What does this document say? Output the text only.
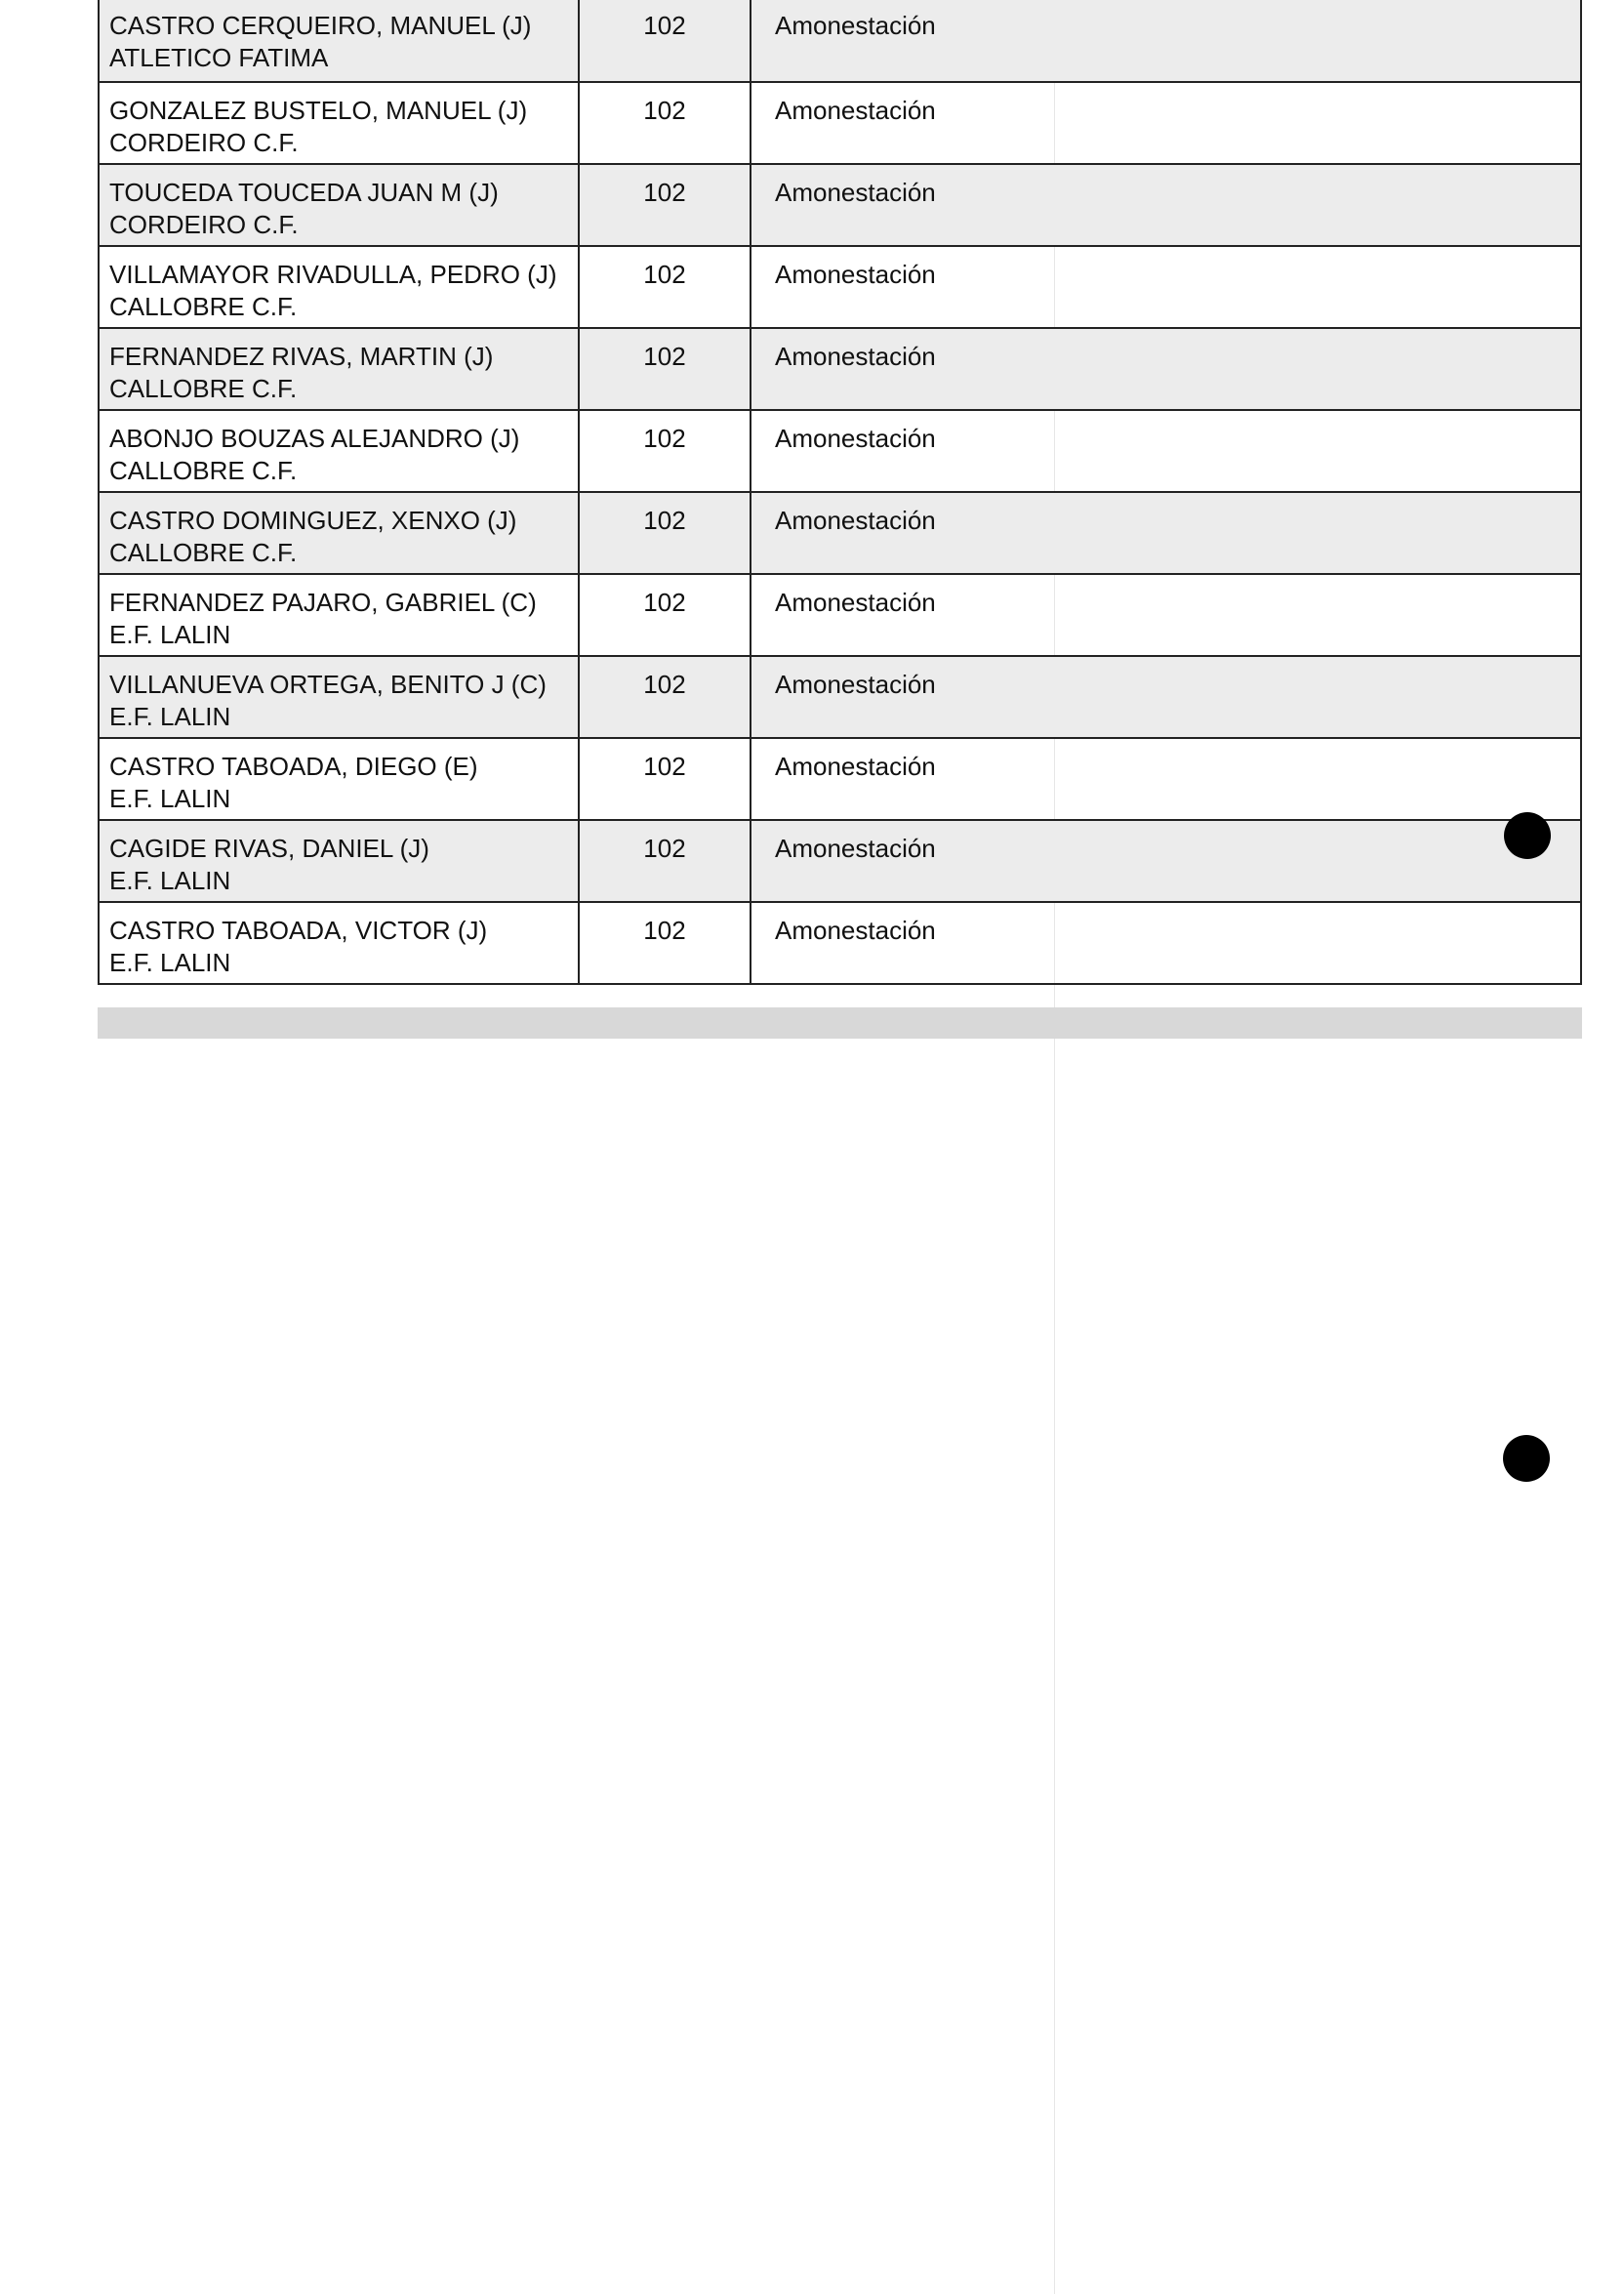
CASTRO CERQUEIRO, MANUEL (J)
ATLETICO FATIMA	102	Amonestación

GONZALEZ BUSTELO, MANUEL (J)
CORDEIRO C.F.	102	Amonestación

TOUCEDA TOUCEDA JUAN M (J)
CORDEIRO C.F.	102	Amonestación

VILLAMAYOR RIVADULLA, PEDRO (J)
CALLOBRE C.F.	102	Amonestación

FERNANDEZ RIVAS, MARTIN (J)
CALLOBRE C.F.	102	Amonestación

ABONJO BOUZAS ALEJANDRO (J)
CALLOBRE C.F.	102	Amonestación

CASTRO DOMINGUEZ, XENXO (J)
CALLOBRE C.F.	102	Amonestación

FERNANDEZ PAJARO, GABRIEL (C)
E.F. LALIN	102	Amonestación

VILLANUEVA ORTEGA, BENITO J (C)
E.F. LALIN	102	Amonestación

CASTRO TABOADA, DIEGO (E)
E.F. LALIN	102	Amonestación

CAGIDE RIVAS, DANIEL (J)
E.F. LALIN	102	Amonestación

CASTRO TABOADA, VICTOR (J)
E.F. LALIN	102	Amonestación
